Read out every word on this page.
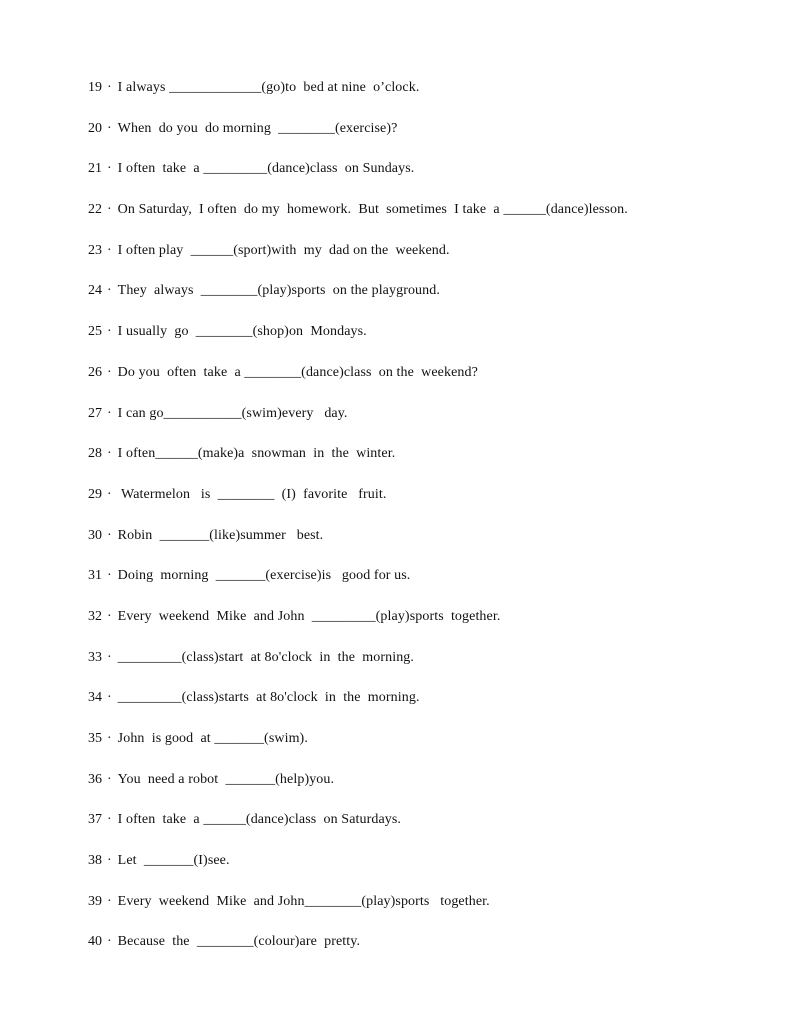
19 · I always _____________(go)to  bed at nine  o’clock.
20 · When  do you  do morning  ________(exercise)?
21 · I often  take  a _________(dance)class  on Sundays.
22 · On Saturday,  I often  do my  homework.  But  sometimes  I take  a ______(dance)lesson.
23 · I often play  ______(sport)with  my  dad on the  weekend.
24 · They  always  ________(play)sports  on the playground.
25 · I usually  go  ________(shop)on  Mondays.
26 · Do you  often  take  a ________(dance)class  on the  weekend?
27 · I can go___________(swim)every   day.
28 · I often______(make)a  snowman  in  the  winter.
29 · Watermelon   is  ________  (I)  favorite   fruit.
30 · Robin  _______(like)summer   best.
31 · Doing  morning  _______(exercise)is   good for us.
32 · Every  weekend  Mike  and John  _________(play)sports  together.
33 · _________(class)start  at 8o'clock  in  the  morning.
34 · _________(class)starts  at 8o'clock  in  the  morning.
35 · John  is good  at _______(swim).
36 · You  need a robot  _______(help)you.
37 · I often  take  a ______(dance)class  on Saturdays.
38 · Let  _______(I)see.
39 · Every  weekend  Mike  and John________(play)sports   together.
40 · Because  the  ________(colour)are  pretty.
